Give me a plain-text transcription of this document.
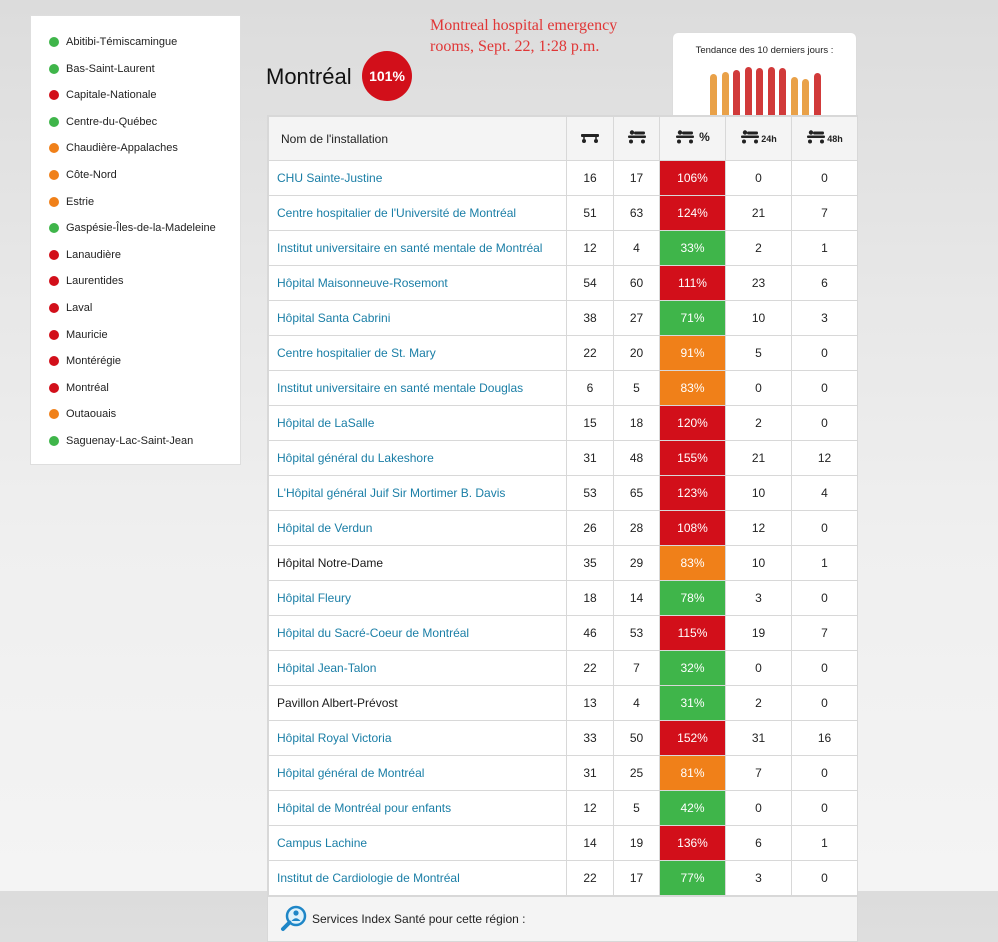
Abitibi-Témiscamingue
Bas-Saint-Laurent
Capitale-Nationale
Centre-du-Québec
Chaudière-Appalaches
Côte-Nord
Estrie
Gaspésie-Îles-de-la-Madeleine
Lanaudière
Laurentides
Laval
Mauricie
Montérégie
Montréal
Outaouais
Saguenay-Lac-Saint-Jean
Montreal hospital emergency
rooms, Sept. 22, 1:28 p.m.
Montréal	101%
Tendance des 10 derniers jours :
Nom de l'installation			%	24h	48h

CHU Sainte-Justine	16	17	106%	0	0
Centre hospitalier de l'Université de Montréal	51	63	124%	21	7
Institut universitaire en santé mentale de Montréal	12	4	33%	2	1
Hôpital Maisonneuve-Rosemont	54	60	111%	23	6
Hôpital Santa Cabrini	38	27	71%	10	3
Centre hospitalier de St. Mary	22	20	91%	5	0
Institut universitaire en santé mentale Douglas	6	5	83%	0	0
Hôpital de LaSalle	15	18	120%	2	0
Hôpital général du Lakeshore	31	48	155%	21	12
L'Hôpital général Juif Sir Mortimer B. Davis	53	65	123%	10	4
Hôpital de Verdun	26	28	108%	12	0
Hôpital Notre-Dame	35	29	83%	10	1
Hôpital Fleury	18	14	78%	3	0
Hôpital du Sacré-Coeur de Montréal	46	53	115%	19	7
Hôpital Jean-Talon	22	7	32%	0	0
Pavillon Albert-Prévost	13	4	31%	2	0
Hôpital Royal Victoria	33	50	152%	31	16
Hôpital général de Montréal	31	25	81%	7	0
Hôpital de Montréal pour enfants	12	5	42%	0	0
Campus Lachine	14	19	136%	6	1
Institut de Cardiologie de Montréal	22	17	77%	3	0
Services Index Santé pour cette région :
